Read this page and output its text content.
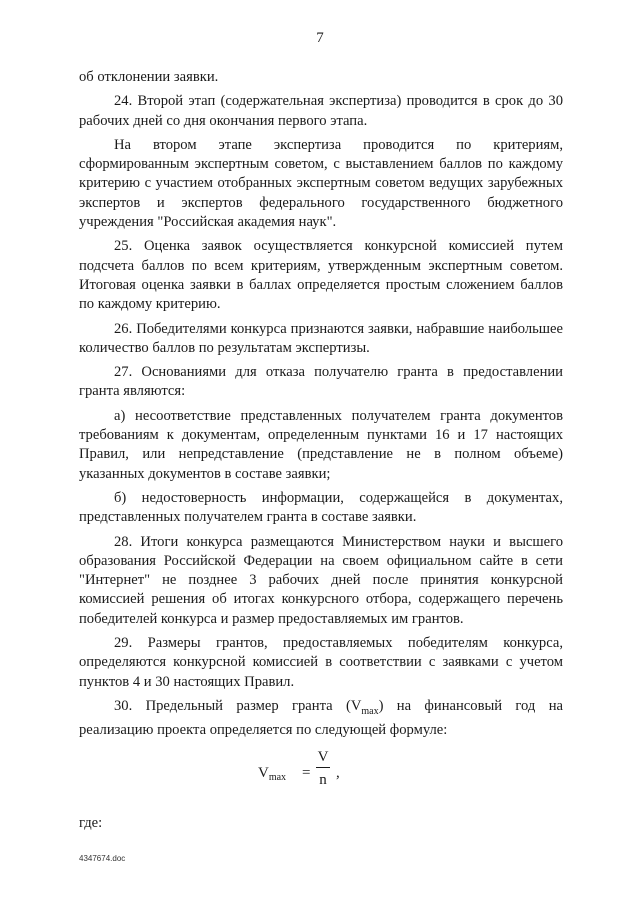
7

об отклонении заявки.

24. Второй этап (содержательная экспертиза) проводится в срок до 30 рабочих дней со дня окончания первого этапа.

На втором этапе экспертиза проводится по критериям, сформированным экспертным советом, с выставлением баллов по каждому критерию с участием отобранных экспертным советом ведущих зарубежных экспертов и экспертов федерального государственного бюджетного учреждения "Российская академия наук".

25. Оценка заявок осуществляется конкурсной комиссией путем подсчета баллов по всем критериям, утвержденным экспертным советом. Итоговая оценка заявки в баллах определяется простым сложением баллов по каждому критерию.

26. Победителями конкурса признаются заявки, набравшие наибольшее количество баллов по результатам экспертизы.

27. Основаниями для отказа получателю гранта в предоставлении гранта являются:

а) несоответствие представленных получателем гранта документов требованиям к документам, определенным пунктами 16 и 17 настоящих Правил, или непредставление (представление не в полном объеме) указанных документов в составе заявки;

б) недостоверность информации, содержащейся в документах, представленных получателем гранта в составе заявки.

28. Итоги конкурса размещаются Министерством науки и высшего образования Российской Федерации на своем официальном сайте в сети "Интернет" не позднее 3 рабочих дней после принятия конкурсной комиссией решения об итогах конкурсного отбора, содержащего перечень победителей конкурса и размер предоставляемых им грантов.

29. Размеры грантов, предоставляемых победителям конкурса, определяются конкурсной комиссией в соответствии с заявками с учетом пунктов 4 и 30 настоящих Правил.

30. Предельный размер гранта $(V_{max})$ на финансовый год на реализацию проекта определяется по следующей формуле:

$V_{max}$ =
V
n ,
где:
4347674.doc
